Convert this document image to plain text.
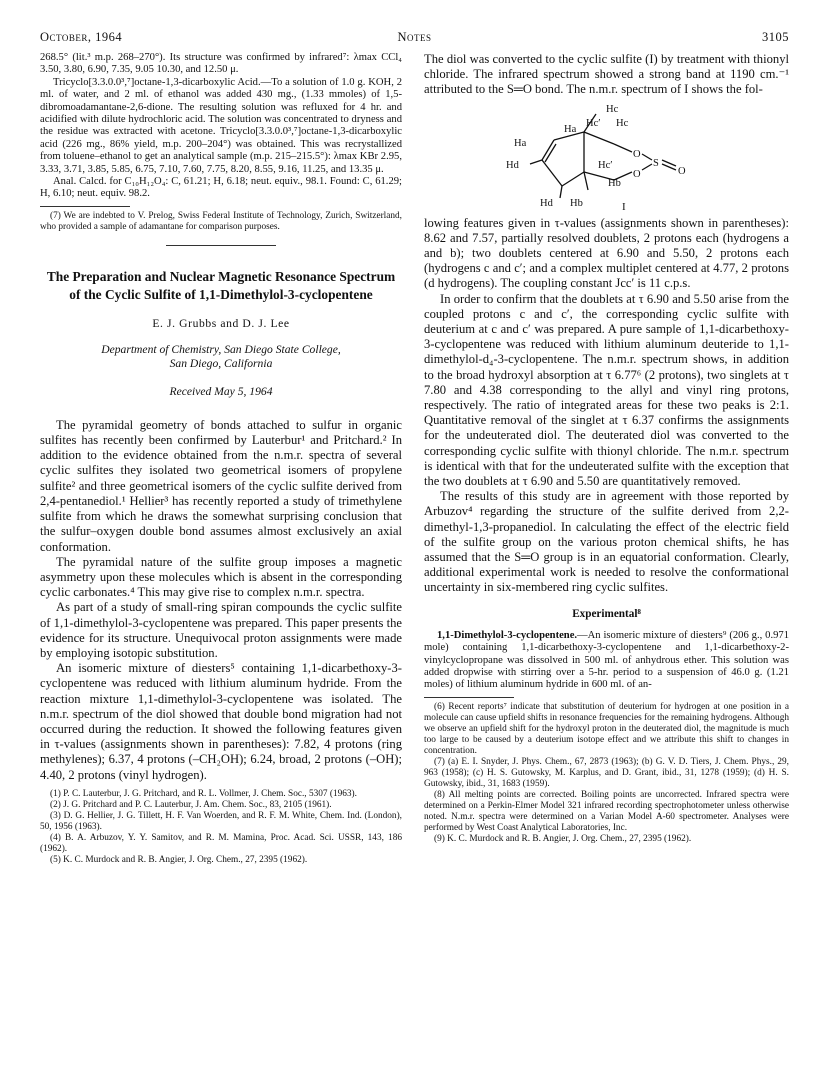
October, 1964	Notes	3105

268.5° (lit.³ m.p. 268–270°). Its structure was confirmed by infrared⁷: λmax CCl₄ 3.50, 3.80, 6.90, 7.35, 9.05 10.30, and 12.50 μ.

Tricyclo[3.3.0.0³,⁷]octane-1,3-dicarboxylic Acid.—To a solution of 1.0 g. KOH, 2 ml. of water, and 2 ml. of ethanol was added 430 mg., (1.33 mmoles) of 1,5-dibromoadamantane-2,6-dione. The resulting solution was refluxed for 4 hr. and acidified with dilute hydrochloric acid. The solution was concentrated to dryness and the residue was extracted with acetone. Tricyclo[3.3.0.0³,⁷]octane-1,3-dicarboxylic acid (226 mg., 86% yield, m.p. 200–204°) was obtained. This was recrystallized from toluene–ethanol to get an analytical sample (m.p. 215–215.5°): λmax KBr 2.95, 3.33, 3.71, 3.85, 5.85, 6.75, 7.10, 7.60, 7.75, 8.20, 8.55, 9.16, 11.25, and 13.35 μ.

Anal. Calcd. for C₁₀H₁₂O₄: C, 61.21; H, 6.18; neut. equiv., 98.1. Found: C, 61.29; H, 6.10; neut. equiv. 98.2.

(7) We are indebted to V. Prelog, Swiss Federal Institute of Technology, Zurich, Switzerland, who provided a sample of adamantane for comparison purposes.

The Preparation and Nuclear Magnetic Resonance Spectrum of the Cyclic Sulfite of 1,1-Dimethylol-3-cyclopentene
E. J. Grubbs and D. J. Lee
Department of Chemistry, San Diego State College,
San Diego, California
Received May 5, 1964

The pyramidal geometry of bonds attached to sulfur in organic sulfites has recently been confirmed by Lauterbur¹ and Pritchard.² In addition to the evidence obtained from the n.m.r. spectra of several cyclic sulfites they isolated two geometrical isomers of propylene sulfite² and three geometrical isomers of the cyclic sulfite derived from 2,4-pentanediol.¹ Hellier³ has recently reported a study of trimethylene sulfite from which he draws the somewhat surprising conclusion that the sulfur–oxygen double bond assumes almost exclusively an axial conformation.

The pyramidal nature of the sulfite group imposes a magnetic asymmetry upon these molecules which is absent in the corresponding cyclic carbonates.⁴ This may give rise to complex n.m.r. spectra.

As part of a study of small-ring spiran compounds the cyclic sulfite of 1,1-dimethylol-3-cyclopentene was prepared. This paper presents the evidence for its structure. Unequivocal proton assignments were made by employing isotopic substitution.

An isomeric mixture of diesters⁵ containing 1,1-dicarbethoxy-3-cyclopentene was reduced with lithium aluminum hydride. From the reaction mixture 1,1-dimethylol-3-cyclopentene was isolated. The n.m.r. spectrum of the diol showed that double bond migration had not occurred during the reduction. It showed the following features given in τ-values (assignments shown in parentheses): 7.82, 4 protons (ring methylenes); 6.37, 4 protons (–CH₂OH); 6.24, broad, 2 protons (–OH); 4.40, 2 protons (vinyl hydrogen).

(1) P. C. Lauterbur, J. G. Pritchard, and R. L. Vollmer, J. Chem. Soc., 5307 (1963).

(2) J. G. Pritchard and P. C. Lauterbur, J. Am. Chem. Soc., 83, 2105 (1961).

(3) D. G. Hellier, J. G. Tillett, H. F. Van Woerden, and R. F. M. White, Chem. Ind. (London), 50, 1956 (1963).

(4) B. A. Arbuzov, Y. Y. Samitov, and R. M. Mamina, Proc. Acad. Sci. USSR, 143, 186 (1962).

(5) K. C. Murdock and R. B. Angier, J. Org. Chem., 27, 2395 (1962).

The diol was converted to the cyclic sulfite (I) by treatment with thionyl chloride. The infrared spectrum showed a strong band at 1190 cm.⁻¹ attributed to the S═O bond. The n.m.r. spectrum of I shows the fol-

Hc
Hc′ Hc
Ha
Ha
Hd	Hc′
Hb
Hd Hb
O
S
O
O
I

lowing features given in τ-values (assignments shown in parentheses): 8.62 and 7.57, partially resolved doublets, 2 protons each (hydrogens a and b); two doublets centered at 6.90 and 5.50, 2 protons each (hydrogens c and c′; and a complex multiplet centered at 4.77, 2 protons (d hydrogens). The coupling constant Jcc′ is 11 c.p.s.

In order to confirm that the doublets at τ 6.90 and 5.50 arise from the coupled protons c and c′, the corresponding cyclic sulfite with deuterium at c and c′ was prepared. A pure sample of 1,1-dicarbethoxy-3-cyclopentene was reduced with lithium aluminum deuteride to 1,1-dimethylol-d₄-3-cyclopentene. The n.m.r. spectrum shows, in addition to the broad hydroxyl absorption at τ 6.77⁶ (2 protons), two singlets at τ 7.80 and 4.38 corresponding to the allyl and vinyl ring protons, respectively. The ratio of integrated areas for these two peaks is 2:1. Quantitative removal of the singlet at τ 6.37 confirms the assignments for the undeuterated diol. The deuterated diol was converted to the corresponding cyclic sulfite with thionyl chloride. The n.m.r. spectrum is identical with that for the undeuterated sulfite with the exception that the two doublets at τ 6.90 and 5.50 are quantitatively removed.

The results of this study are in agreement with those reported by Arbuzov⁴ regarding the structure of the sulfite derived from 2,2-dimethyl-1,3-propanediol. In calculating the effect of the electric field of the sulfite group on the various proton chemical shifts, he has assumed that the S═O group is in an equatorial conformation. Clearly, additional experimental work is needed to resolve the conformational uncertainty in six-membered ring cyclic sulfites.

Experimental⁸

1,1-Dimethylol-3-cyclopentene.—An isomeric mixture of diesters⁹ (206 g., 0.971 mole) containing 1,1-dicarbethoxy-3-cyclopentene and 1,1-dicarbethoxy-2-vinylcyclopropane was dissolved in 500 ml. of anhydrous ether. This solution was added dropwise with stirring over a 5-hr. period to a suspension of 46.0 g. (1.21 moles) of lithium aluminum hydride in 600 ml. of an-

(6) Recent reports⁷ indicate that substitution of deuterium for hydrogen at one position in a molecule can cause upfield shifts in resonance frequencies for the remaining hydrogens. Although we observe an upfield shift for the hydroxyl proton in the deuterated diol, the magnitude is much too large to be caused by a deuterium isotope effect and we attribute this shift to changes in concentration.

(7) (a) E. I. Snyder, J. Phys. Chem., 67, 2873 (1963); (b) G. V. D. Tiers, J. Chem. Phys., 29, 963 (1958); (c) H. S. Gutowsky, M. Karplus, and D. Grant, ibid., 31, 1278 (1959); (d) H. S. Gutowsky, ibid., 31, 1683 (1959).

(8) All melting points are corrected. Boiling points are uncorrected. Infrared spectra were determined on a Perkin-Elmer Model 321 infrared recording spectrophotometer unless otherwise noted. N.m.r. spectra were determined on a Varian Model A-60 spectrometer. Analyses were performed by West Coast Analytical Laboratories, Inc.

(9) K. C. Murdock and R. B. Angier, J. Org. Chem., 27, 2395 (1962).
